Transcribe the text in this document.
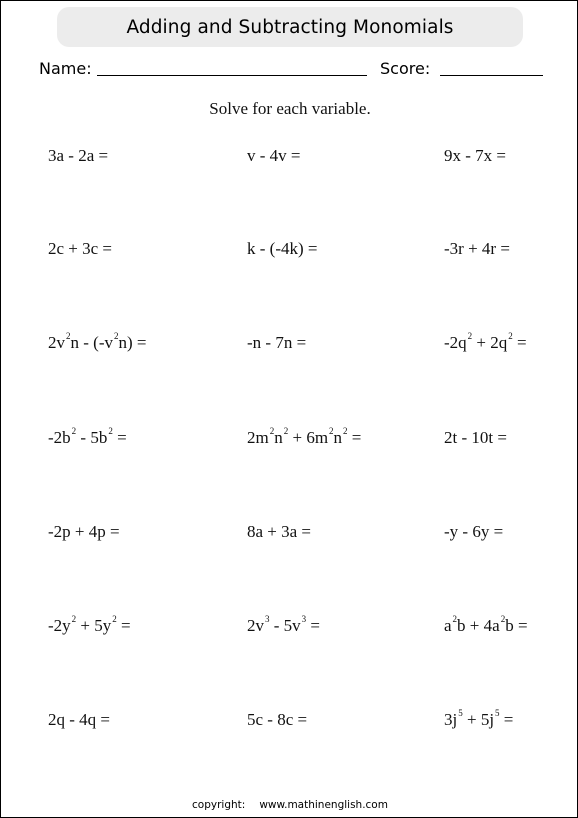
Adding and Subtracting Monomials
Name:	Score:
Solve for each variable.
3a - 2a =	v - 4v =	9x - 7x =
2c + 3c =	k - (-4k) =	-3r + 4r =
$2v^2n - (-v^2n)$ =	-n - 7n =	$-2q^2 + 2q^2$ =
$-2b^2 - 5b^2$ =	$2m^2n^2 + 6m^2n^2$ =	2t - 10t =
-2p + 4p =	8a + 3a =	-y - 6y =
$-2y^2 + 5y^2$ =	$2v^3 - 5v^3$ =	$a^2b + 4a^2b$ =
2q - 4q =	5c - 8c =	$3j^5 + 5j^5$ =
copyright: www.mathinenglish.com
